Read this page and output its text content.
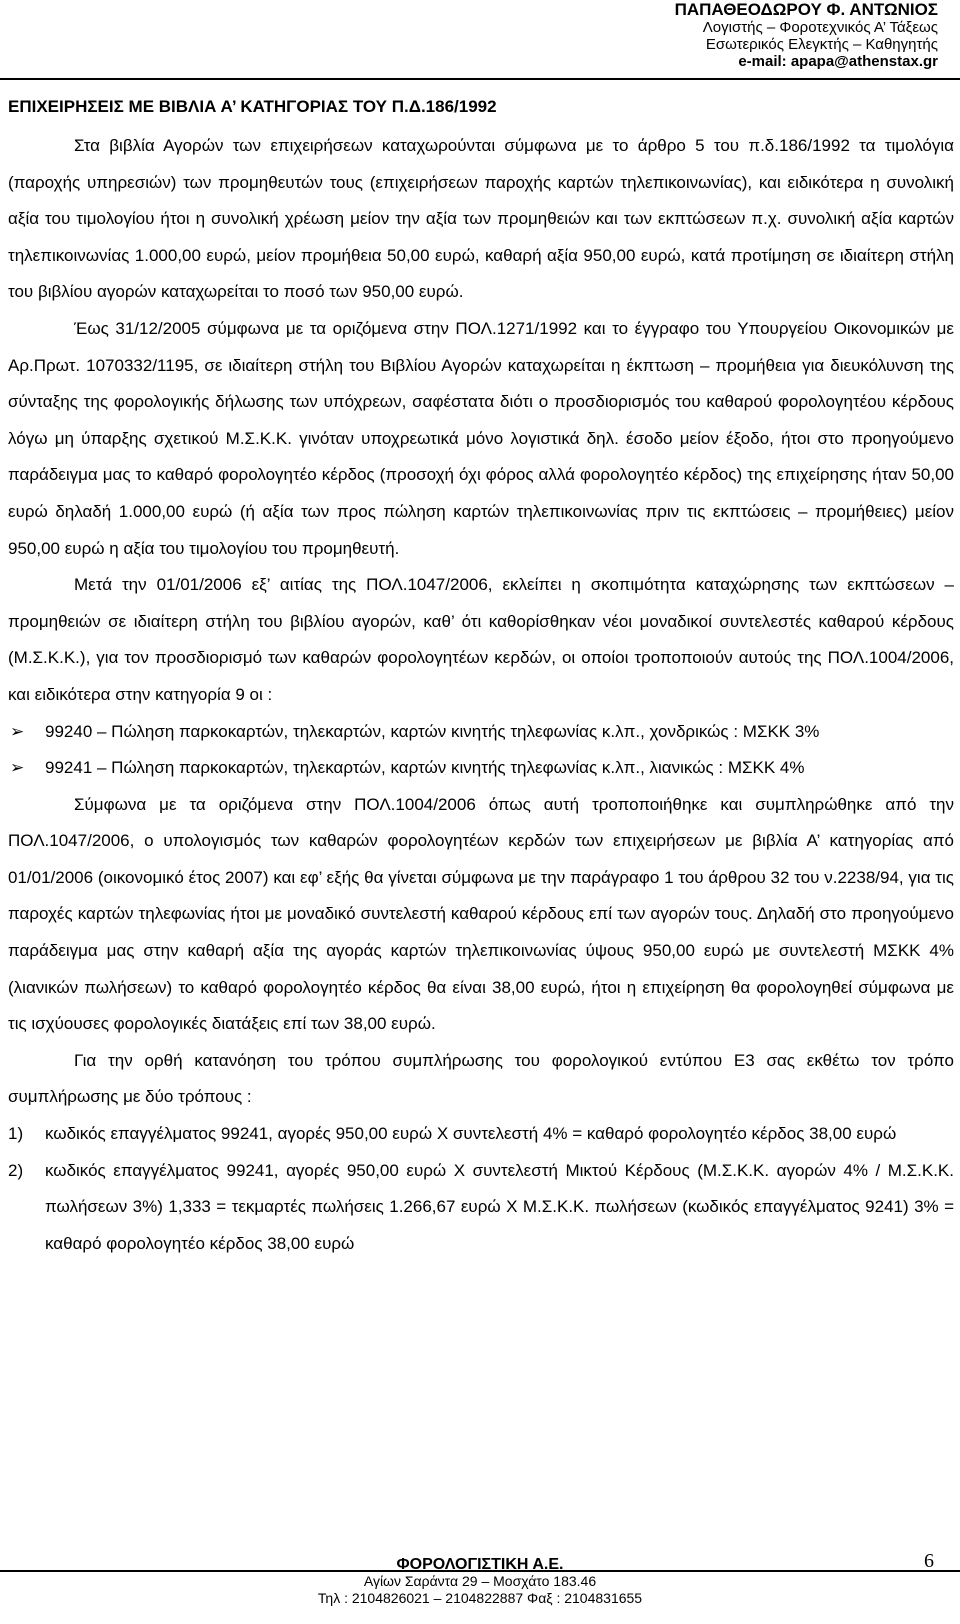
ΠΑΠΑΘΕΟΔΩΡΟΥ Φ. ΑΝΤΩΝΙΟΣ
Λογιστής – Φοροτεχνικός Α’ Τάξεως
Εσωτερικός Ελεγκτής – Καθηγητής
e-mail: apapa@athenstax.gr
ΕΠΙΧΕΙΡΗΣΕΙΣ ΜΕ ΒΙΒΛΙΑ Α’ ΚΑΤΗΓΟΡΙΑΣ ΤΟΥ Π.Δ.186/1992

Στα βιβλία Αγορών των επιχειρήσεων καταχωρούνται σύμφωνα με το άρθρο 5 του π.δ.186/1992 τα τιμολόγια (παροχής υπηρεσιών) των προμηθευτών τους (επιχειρήσεων παροχής καρτών τηλεπικοινωνίας), και ειδικότερα η συνολική αξία του τιμολογίου ήτοι η συνολική χρέωση μείον την αξία των προμηθειών και των εκπτώσεων π.χ. συνολική αξία καρτών τηλεπικοινωνίας 1.000,00 ευρώ, μείον προμήθεια 50,00 ευρώ, καθαρή αξία 950,00 ευρώ, κατά προτίμηση σε ιδιαίτερη στήλη του βιβλίου αγορών καταχωρείται το ποσό των 950,00 ευρώ.

Έως 31/12/2005 σύμφωνα με τα οριζόμενα στην ΠΟΛ.1271/1992 και το έγγραφο του Υπουργείου Οικονομικών με Αρ.Πρωτ. 1070332/1195, σε ιδιαίτερη στήλη του Βιβλίου Αγορών καταχωρείται η έκπτωση – προμήθεια για διευκόλυνση της σύνταξης της φορολογικής δήλωσης των υπόχρεων, σαφέστατα διότι ο προσδιορισμός του καθαρού φορολογητέου κέρδους λόγω μη ύπαρξης σχετικού Μ.Σ.Κ.Κ. γινόταν υποχρεωτικά μόνο λογιστικά δηλ. έσοδο μείον έξοδο, ήτοι στο προηγούμενο παράδειγμα μας το καθαρό φορολογητέο κέρδος (προσοχή όχι φόρος αλλά φορολογητέο κέρδος) της επιχείρησης ήταν 50,00 ευρώ δηλαδή 1.000,00 ευρώ (ή αξία των προς πώληση καρτών τηλεπικοινωνίας πριν τις εκπτώσεις – προμήθειες) μείον 950,00 ευρώ η αξία του τιμολογίου του προμηθευτή.

Μετά την 01/01/2006 εξ’ αιτίας της ΠΟΛ.1047/2006, εκλείπει η σκοπιμότητα καταχώρησης των εκπτώσεων – προμηθειών σε ιδιαίτερη στήλη του βιβλίου αγορών, καθ’ ότι καθορίσθηκαν νέοι μοναδικοί συντελεστές καθαρού κέρδους (Μ.Σ.Κ.Κ.), για τον προσδιορισμό των καθαρών φορολογητέων κερδών, οι οποίοι τροποποιούν αυτούς της ΠΟΛ.1004/2006, και ειδικότερα στην κατηγορία 9 οι :

➢ 99240 – Πώληση παρκοκαρτών, τηλεκαρτών, καρτών κινητής τηλεφωνίας κ.λπ., χονδρικώς : ΜΣΚΚ 3%
➢ 99241 – Πώληση παρκοκαρτών, τηλεκαρτών, καρτών κινητής τηλεφωνίας κ.λπ., λιανικώς : ΜΣΚΚ 4%

Σύμφωνα με τα οριζόμενα στην ΠΟΛ.1004/2006 όπως αυτή τροποποιήθηκε και συμπληρώθηκε από την ΠΟΛ.1047/2006, ο υπολογισμός των καθαρών φορολογητέων κερδών των επιχειρήσεων με βιβλία Α’ κατηγορίας από 01/01/2006 (οικονομικό έτος 2007) και εφ’ εξής θα γίνεται σύμφωνα με την παράγραφο 1 του άρθρου 32 του ν.2238/94, για τις παροχές καρτών τηλεφωνίας ήτοι με μοναδικό συντελεστή καθαρού κέρδους επί των αγορών τους. Δηλαδή στο προηγούμενο παράδειγμα μας στην καθαρή αξία της αγοράς καρτών τηλεπικοινωνίας ύψους 950,00 ευρώ με συντελεστή ΜΣΚΚ 4% (λιανικών πωλήσεων) το καθαρό φορολογητέο κέρδος θα είναι 38,00 ευρώ, ήτοι η επιχείρηση θα φορολογηθεί σύμφωνα με τις ισχύουσες φορολογικές διατάξεις επί των 38,00 ευρώ.

Για την ορθή κατανόηση του τρόπου συμπλήρωσης του φορολογικού εντύπου Ε3 σας εκθέτω τον τρόπο συμπλήρωσης με δύο τρόπους :

1) κωδικός επαγγέλματος 99241, αγορές 950,00 ευρώ Χ συντελεστή 4% = καθαρό φορολογητέο κέρδος 38,00 ευρώ
2) κωδικός επαγγέλματος 99241, αγορές 950,00 ευρώ Χ συντελεστή Μικτού Κέρδους (Μ.Σ.Κ.Κ. αγορών 4% / Μ.Σ.Κ.Κ. πωλήσεων 3%) 1,333 = τεκμαρτές πωλήσεις 1.266,67 ευρώ Χ Μ.Σ.Κ.Κ. πωλήσεων (κωδικός επαγγέλματος 9241) 3% = καθαρό φορολογητέο κέρδος 38,00 ευρώ
ΦΟΡΟΛΟΓΙΣΤΙΚΗ Α.Ε.
Αγίων Σαράντα 29 – Μοσχάτο 183.46
Τηλ : 2104826021 – 2104822887 Φαξ : 2104831655
6
